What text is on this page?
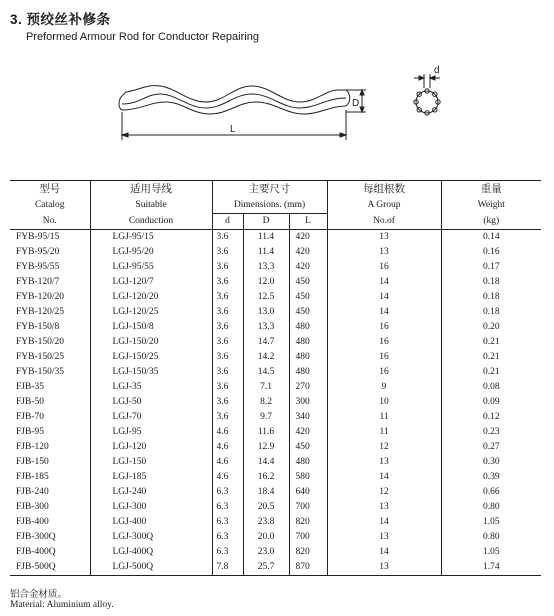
3. 预绞丝补修条
Preformed Armour Rod for Conductor Repairing
D
L
d
型号	适用导线	主要尺寸			每组根数	重量
Catalog	Suitable	Dimensions. (mm)			A Group	Weight
No.	Conduction	d	D	L	No.of	(kg)
FYB-95/15	LGJ-95/15	3.6	11.4	420	13	0.14
FYB-95/20	LGJ-95/20	3.6	11.4	420	13	0.16
FYB-95/55	LGJ-95/55	3.6	13.3	420	16	0.17
FYB-120/7	LGJ-120/7	3.6	12.0	450	14	0.18
FYB-120/20	LGJ-120/20	3.6	12.5	450	14	0.18
FYB-120/25	LGJ-120/25	3.6	13.0	450	14	0.18
FYB-150/8	LGJ-150/8	3.6	13.3	480	16	0.20
FYB-150/20	LGJ-150/20	3.6	14.7	480	16	0.21
FYB-150/25	LGJ-150/25	3.6	14.2	480	16	0.21
FYB-150/35	LGJ-150/35	3.6	14.5	480	16	0.21
FJB-35	LGJ-35	3.6	7.1	270	9	0.08
FJB-50	LGJ-50	3.6	8.2	300	10	0.09
FJB-70	LGJ-70	3.6	9.7	340	11	0.12
FJB-95	LGJ-95	4.6	11.6	420	11	0.23
FJB-120	LGJ-120	4.6	12.9	450	12	0.27
FJB-150	LGJ-150	4.6	14.4	480	13	0.30
FJB-185	LGJ-185	4.6	16.2	580	14	0.39
FJB-240	LGJ-240	6.3	18.4	640	12	0.66
FJB-300	LGJ-300	6.3	20.5	700	13	0.80
FJB-400	LGJ-400	6.3	23.8	820	14	1.05
FJB-300Q	LGJ-300Q	6.3	20.0	700	13	0.80
FJB-400Q	LGJ-400Q	6.3	23.0	820	14	1.05
FJB-500Q	LGJ-500Q	7.8	25.7	870	13	1.74
铝合金材质。
Material: Aluminium alloy.
